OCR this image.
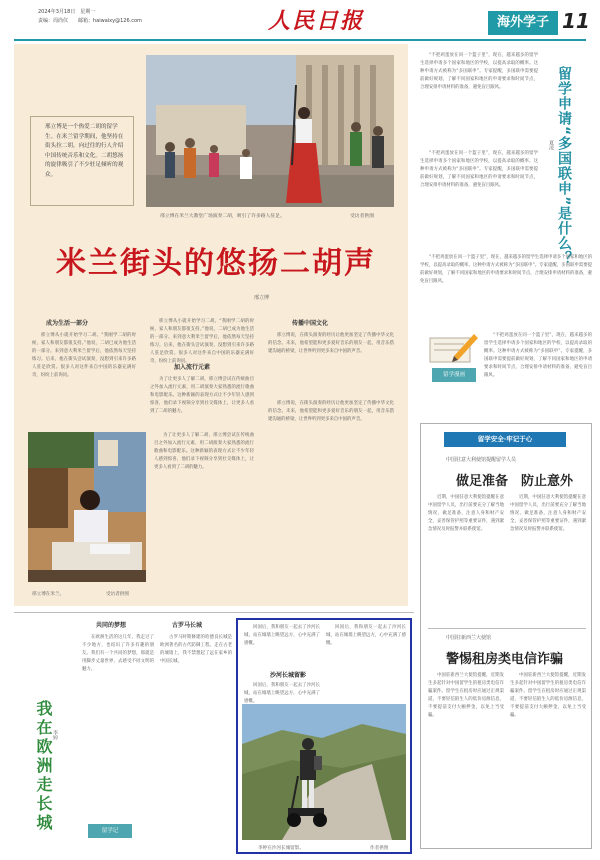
2024年3月18日　星期一
责编：周尚仪　　邮箱：haiwaixy@126.com	人民日报	海外学子 11
邢立博是一个热爱二胡的留学生。在米兰留学期间，他坚持在街头拉二胡，向过往的行人介绍中国传统音乐和文化。二胡悠扬的旋律吸引了不少驻足倾听的观众。
邢立博在米兰大教堂广场演奏二胡，吸引了许多路人驻足。	受访者供图
米兰街头的悠扬二胡声
邢立博
成为生活一部分
邢立博从小就开始学习二胡。“我刚学二胡的时候，家人和朋友都很支持。”他说，二胡已成为他生活的一部分。来到意大利米兰留学后，他依然每天坚持练习。后来，他在街头尝试演奏，没想到引来许多路人驻足欣赏。很多人对这件来自中国的乐器充满好奇，纷纷上前询问。
邢立博从小就开始学习二胡。“我刚学二胡的时候，家人和朋友都很支持。”他说，二胡已成为他生活的一部分。来到意大利米兰留学后，他依然每天坚持练习。后来，他在街头尝试演奏，没想到引来许多路人驻足欣赏。很多人对这件来自中国的乐器充满好奇，纷纷上前询问。
加入流行元素
为了让更多人了解二胡，邢立博尝试在传统曲目之外加入流行元素，用二胡演奏大家熟悉的流行歌曲和电影配乐。这种新颖的表现方式让不少年轻人感到惊喜，他们录下视频分享到社交媒体上，让更多人看到了二胡的魅力。
为了让更多人了解二胡，邢立博尝试在传统曲目之外加入流行元素，用二胡演奏大家熟悉的流行歌曲和电影配乐。这种新颖的表现方式让不少年轻人感到惊喜，他们录下视频分享到社交媒体上，让更多人看到了二胡的魅力。
传播中国文化
邢立博说，在街头演奏的经历让他更加坚定了传播中华文化的信念。未来，他希望能和更多爱好音乐的朋友一起，用音乐搭建沟通的桥梁，让世界听到更多来自中国的声音。
邢立博说，在街头演奏的经历让他更加坚定了传播中华文化的信念。未来，他希望能和更多爱好音乐的朋友一起，用音乐搭建沟通的桥梁，让世界听到更多来自中国的声音。
邢立博在米兰。	受访者供图
“不把鸡蛋放在同一个篮子里”，现在，越来越多的留学生选择申请多个国家和地区的学校，以提高录取的概率。这种申请方式被称为“多国联申”。专家提醒，多国联申需要提前做好规划，了解不同国家和地区的申请要求和时间节点，合理安排申请材料的准备，避免盲目跟风。
“不把鸡蛋放在同一个篮子里”，现在，越来越多的留学生选择申请多个国家和地区的学校，以提高录取的概率。这种申请方式被称为“多国联申”。专家提醒，多国联申需要提前做好规划，了解不同国家和地区的申请要求和时间节点，合理安排申请材料的准备，避免盲目跟风。	留学申请“多国联申”是什么？
夏凌
“不把鸡蛋放在同一个篮子里”，现在，越来越多的留学生选择申请多个国家和地区的学校，以提高录取的概率。这种申请方式被称为“多国联申”。专家提醒，多国联申需要提前做好规划，了解不同国家和地区的申请要求和时间节点，合理安排申请材料的准备，避免盲目跟风。
“不把鸡蛋放在同一个篮子里”，现在，越来越多的留学生选择申请多个国家和地区的学校，以提高录取的概率。这种申请方式被称为“多国联申”。专家提醒，多国联申需要提前做好规划，了解不同国家和地区的申请要求和时间节点，合理安排申请材料的准备，避免盲目跟风。
留学漫画
留学安全·牢记于心
中国驻意大利使馆提醒留学人员
做足准备　防止意外
近期，中国驻意大利使馆提醒在意中国留学人员，出行前要充分了解当地情况，做足准备，注意人身和财产安全，妥善保管护照等重要证件，遇到紧急情况及时报警并联系使馆。
近期，中国驻意大利使馆提醒在意中国留学人员，出行前要充分了解当地情况，做足准备，注意人身和财产安全，妥善保管护照等重要证件，遇到紧急情况及时报警并联系使馆。
中国驻新西兰大使馆
警惕租房类电信诈骗
中国驻新西兰大使馆提醒，近期发生多起针对中国留学生的租房类电信诈骗案件。留学生在租房时应通过正规渠道，不要轻信陌生人的低价房源信息，不要提前支付大额押金，以免上当受骗。
中国驻新西兰大使馆提醒，近期发生多起针对中国留学生的租房类电信诈骗案件。留学生在租房时应通过正规渠道，不要轻信陌生人的低价房源信息，不要提前支付大额押金，以免上当受骗。
我在欧洲走长城 李婷
共同的梦想
在欧洲生活的这几年，我走过了不少地方，也结识了许多有趣的朋友。我们有一个共同的梦想，那就是用脚步丈量世界，去感受不同文明的魅力。
古罗马长城
古罗马时期修建的哈德良长城是欧洲著名的古代防御工程。走在古老的城墙上，我不禁想起了远在家乡的中国长城。
留学记
回国后，我和朋友一起去了沙河长城，站在城墙上眺望远方，心中充满了感慨。
回国后，我和朋友一起去了沙河长城，站在城墙上眺望远方，心中充满了感慨。
沙河长城留影
回国后，我和朋友一起去了沙河长城，站在城墙上眺望远方，心中充满了感慨。
李婷在沙河长城留影。	作者供图
